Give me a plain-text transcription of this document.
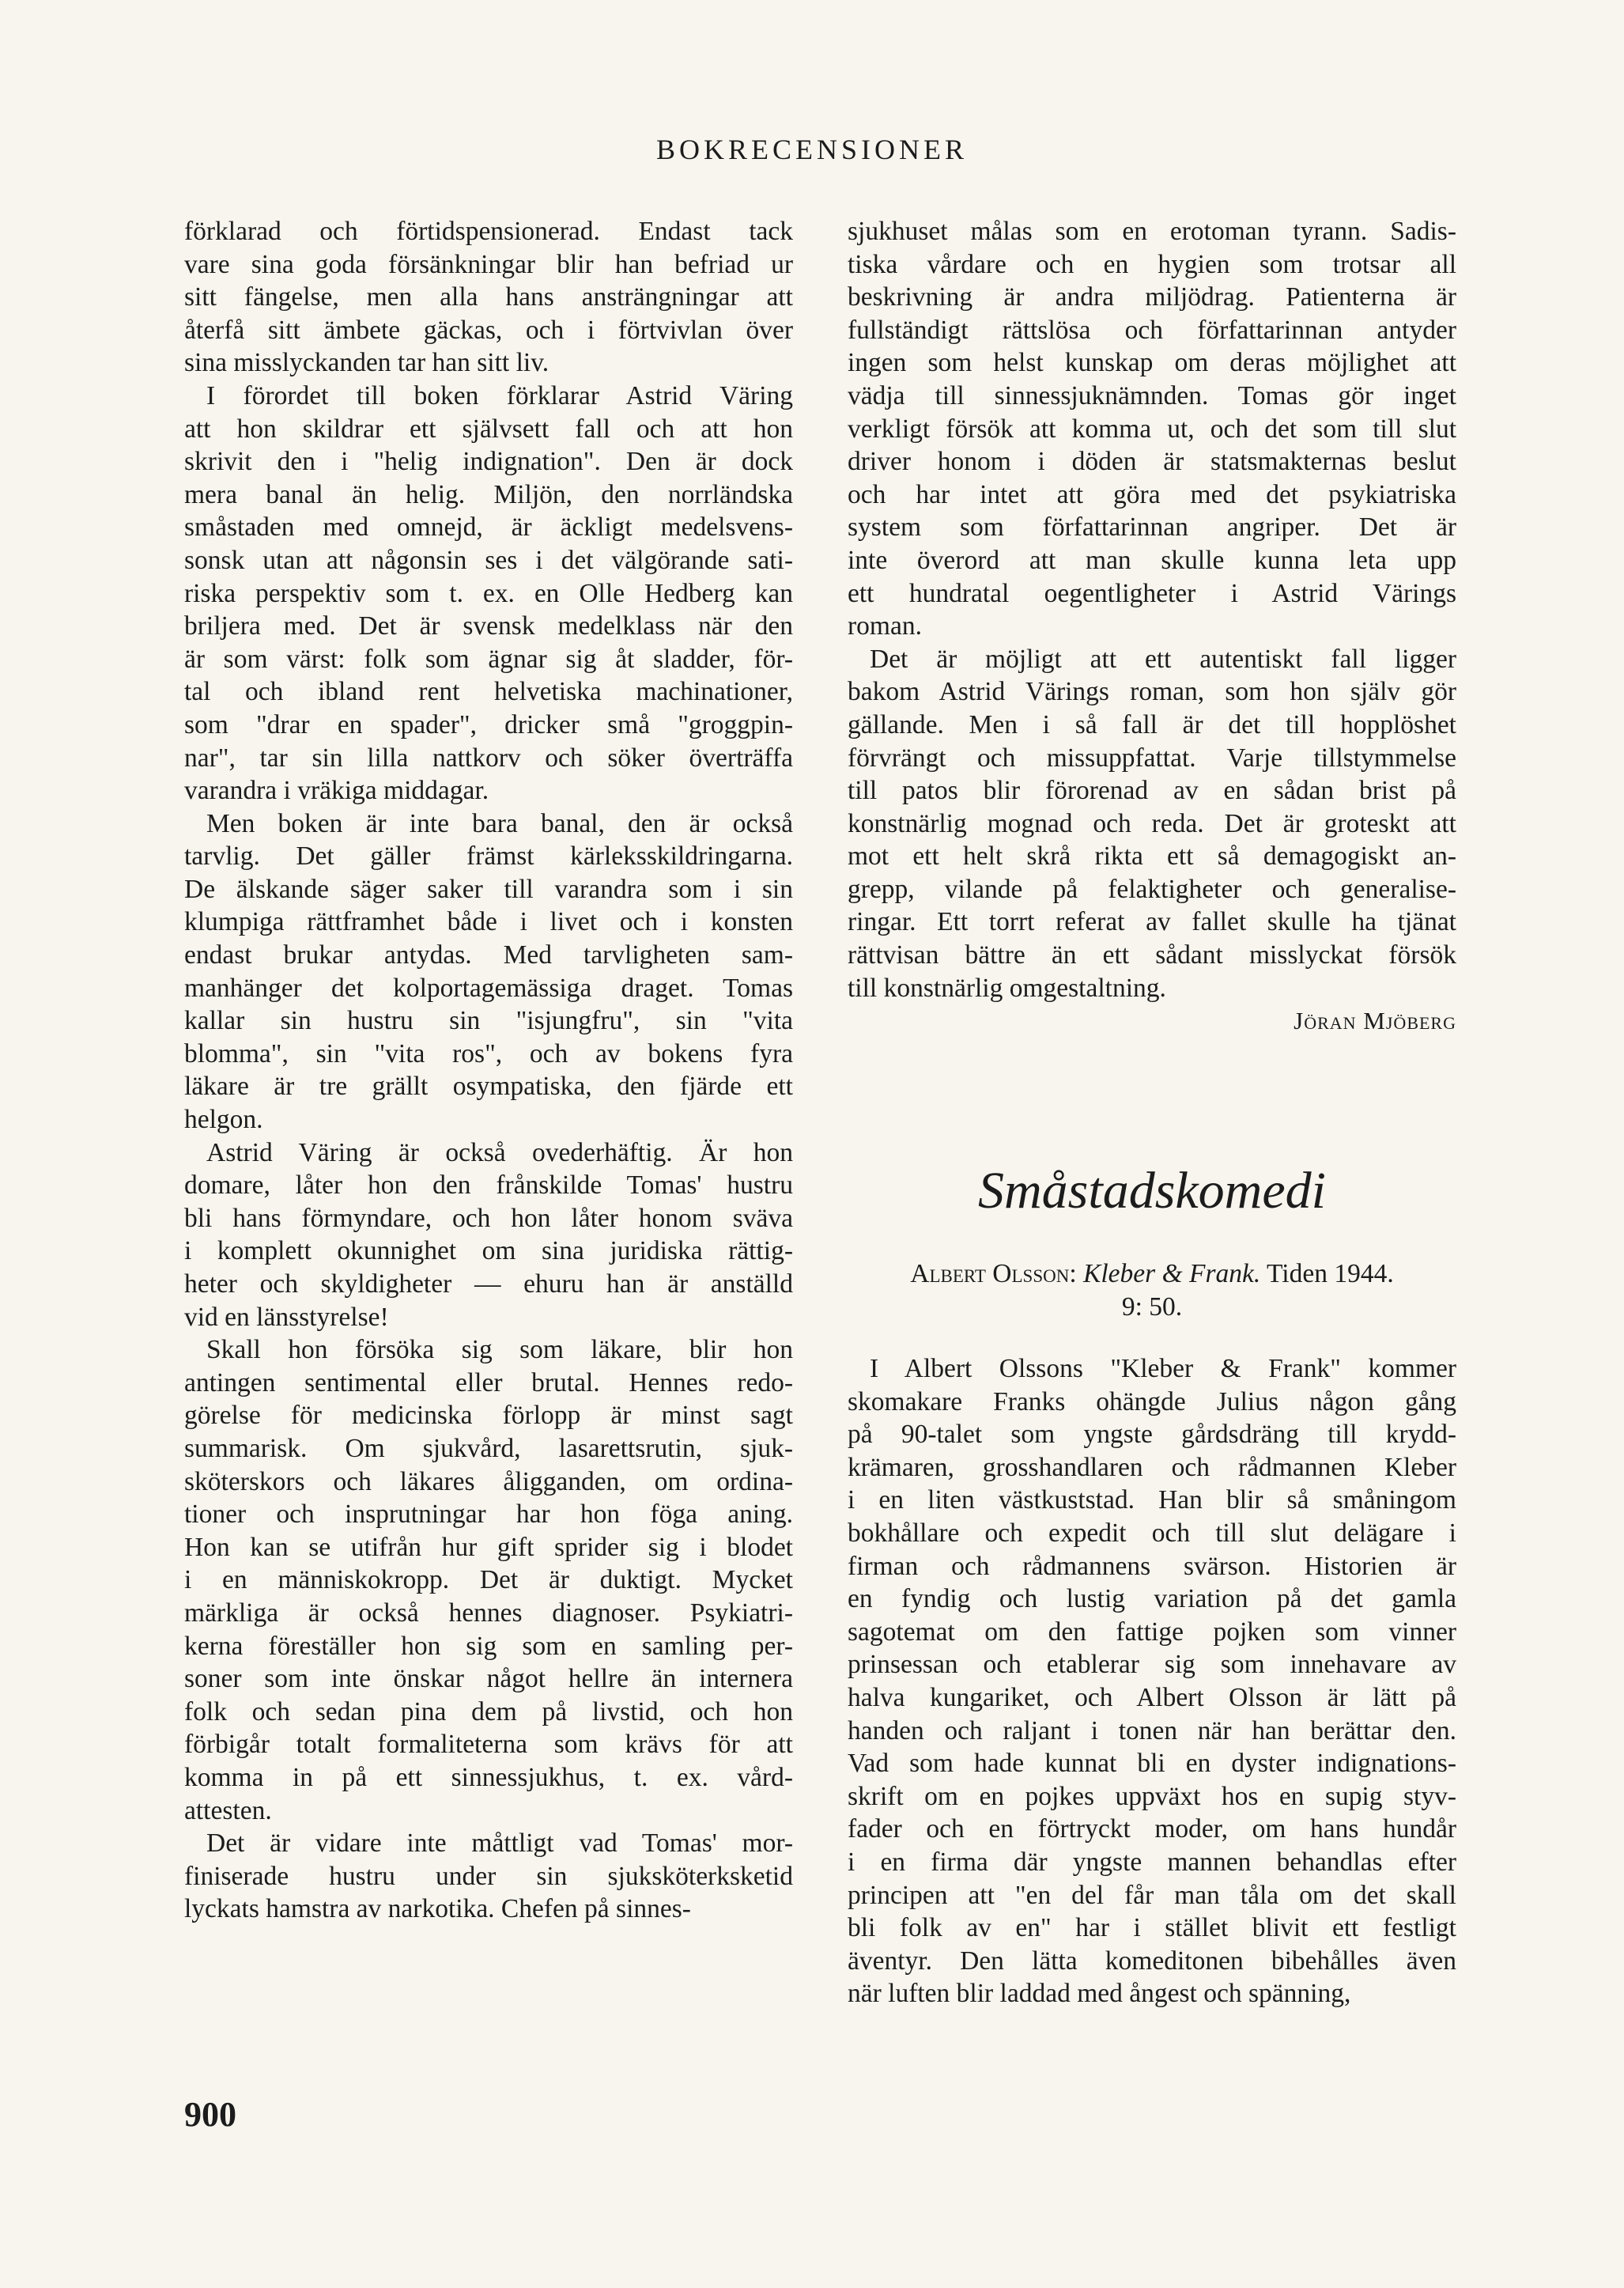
BOKRECENSIONER
förklarad och förtidspensionerad. Endast tack
vare sina goda försänkningar blir han befriad ur
sitt fängelse, men alla hans ansträngningar att
återfå sitt ämbete gäckas, och i förtvivlan över
sina misslyckanden tar han sitt liv.
I förordet till boken förklarar Astrid Väring
att hon skildrar ett självsett fall och att hon
skrivit den i "helig indignation". Den är dock
mera banal än helig. Miljön, den norrländska
småstaden med omnejd, är äckligt medelsvens-
sonsk utan att någonsin ses i det välgörande sati-
riska perspektiv som t. ex. en Olle Hedberg kan
briljera med. Det är svensk medelklass när den
är som värst: folk som ägnar sig åt sladder, för-
tal och ibland rent helvetiska machinationer,
som "drar en spader", dricker små "groggpin-
nar", tar sin lilla nattkorv och söker överträffa
varandra i vräkiga middagar.
Men boken är inte bara banal, den är också
tarvlig. Det gäller främst kärleksskildringarna.
De älskande säger saker till varandra som i sin
klumpiga rättframhet både i livet och i konsten
endast brukar antydas. Med tarvligheten sam-
manhänger det kolportagemässiga draget. Tomas
kallar sin hustru sin "isjungfru", sin "vita
blomma", sin "vita ros", och av bokens fyra
läkare är tre grällt osympatiska, den fjärde ett
helgon.
Astrid Väring är också ovederhäftig. Är hon
domare, låter hon den frånskilde Tomas' hustru
bli hans förmyndare, och hon låter honom sväva
i komplett okunnighet om sina juridiska rättig-
heter och skyldigheter — ehuru han är anställd
vid en länsstyrelse!
Skall hon försöka sig som läkare, blir hon
antingen sentimental eller brutal. Hennes redo-
görelse för medicinska förlopp är minst sagt
summarisk. Om sjukvård, lasarettsrutin, sjuk-
sköterskors och läkares åligganden, om ordina-
tioner och insprutningar har hon föga aning.
Hon kan se utifrån hur gift sprider sig i blodet
i en människokropp. Det är duktigt. Mycket
märkliga är också hennes diagnoser. Psykiatri-
kerna föreställer hon sig som en samling per-
soner som inte önskar något hellre än internera
folk och sedan pina dem på livstid, och hon
förbigår totalt formaliteterna som krävs för att
komma in på ett sinnessjukhus, t. ex. vård-
attesten.
Det är vidare inte måttligt vad Tomas' mor-
finiserade hustru under sin sjuksköterksketid
lyckats hamstra av narkotika. Chefen på sinnes-
sjukhuset målas som en erotoman tyrann. Sadis-
tiska vårdare och en hygien som trotsar all
beskrivning är andra miljödrag. Patienterna är
fullständigt rättslösa och författarinnan antyder
ingen som helst kunskap om deras möjlighet att
vädja till sinnessjuknämnden. Tomas gör inget
verkligt försök att komma ut, och det som till slut
driver honom i döden är statsmakternas beslut
och har intet att göra med det psykiatriska
system som författarinnan angriper. Det är
inte överord att man skulle kunna leta upp
ett hundratal oegentligheter i Astrid Värings
roman.
Det är möjligt att ett autentiskt fall ligger
bakom Astrid Värings roman, som hon själv gör
gällande. Men i så fall är det till hopplöshet
förvrängt och missuppfattat. Varje tillstymmelse
till patos blir förorenad av en sådan brist på
konstnärlig mognad och reda. Det är groteskt att
mot ett helt skrå rikta ett så demagogiskt an-
grepp, vilande på felaktigheter och generalise-
ringar. Ett torrt referat av fallet skulle ha tjänat
rättvisan bättre än ett sådant misslyckat försök
till konstnärlig omgestaltning.
Jöran Mjöberg
Småstadskomedi
Albert Olsson: Kleber & Frank. Tiden 1944.
9: 50.
I Albert Olssons "Kleber & Frank" kommer
skomakare Franks ohängde Julius någon gång
på 90-talet som yngste gårdsdräng till krydd-
krämaren, grosshandlaren och rådmannen Kleber
i en liten västkuststad. Han blir så småningom
bokhållare och expedit och till slut delägare i
firman och rådmannens svärson. Historien är
en fyndig och lustig variation på det gamla
sagotemat om den fattige pojken som vinner
prinsessan och etablerar sig som innehavare av
halva kungariket, och Albert Olsson är lätt på
handen och raljant i tonen när han berättar den.
Vad som hade kunnat bli en dyster indignations-
skrift om en pojkes uppväxt hos en supig styv-
fader och en förtryckt moder, om hans hundår
i en firma där yngste mannen behandlas efter
principen att "en del får man tåla om det skall
bli folk av en" har i stället blivit ett festligt
äventyr. Den lätta komeditonen bibehålles även
när luften blir laddad med ångest och spänning,
900
